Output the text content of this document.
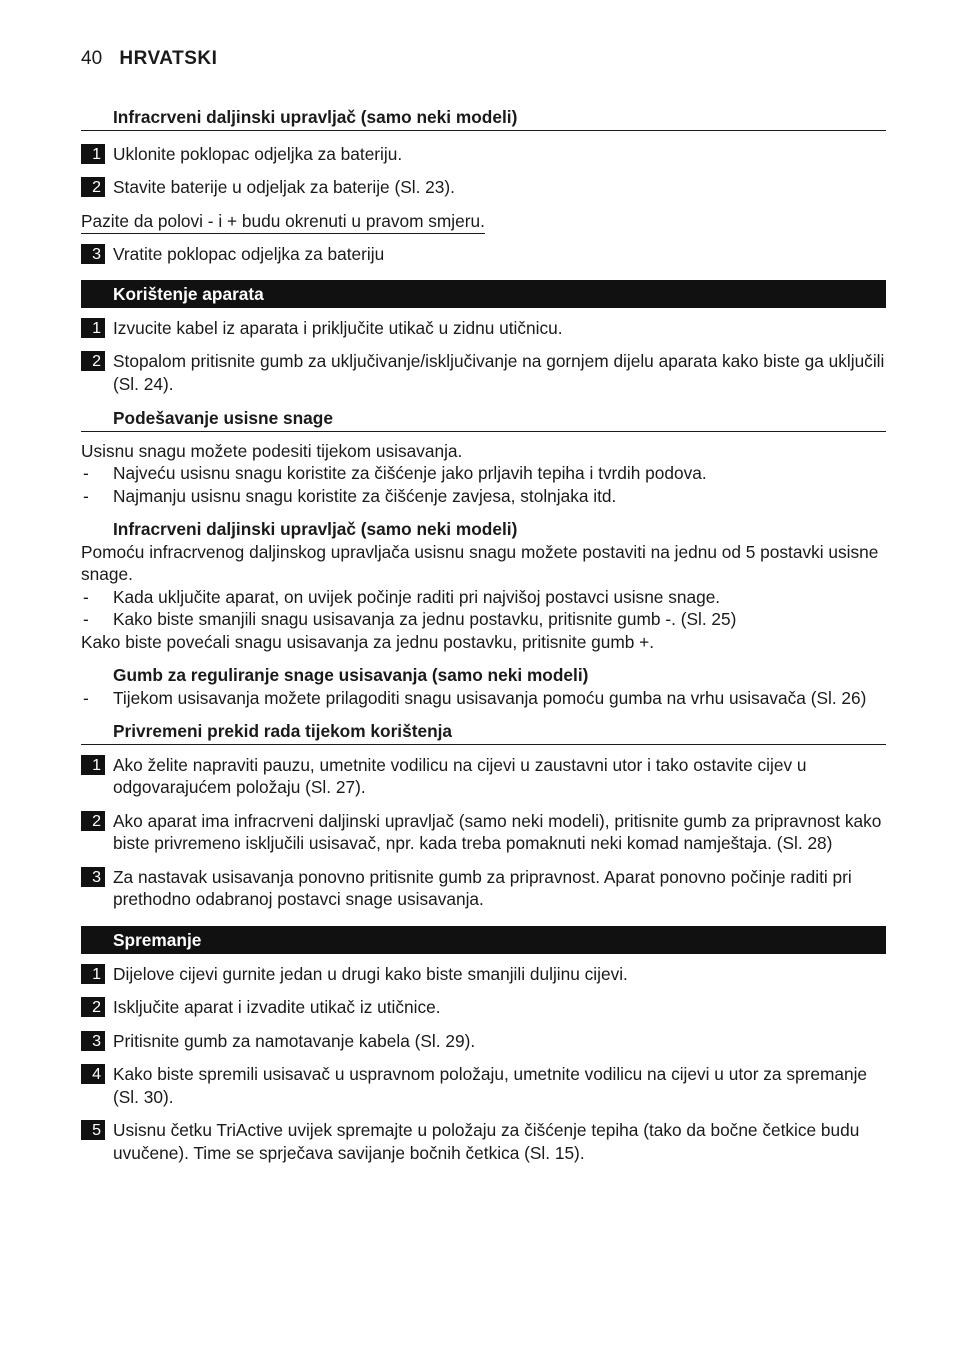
40 HRVATSKI
Infracrveni daljinski upravljač (samo neki modeli)
1 Uklonite poklopac odjeljka za bateriju.
2 Stavite baterije u odjeljak za baterije (Sl. 23).
Pazite da polovi - i + budu okrenuti u pravom smjeru.
3 Vratite poklopac odjeljka za bateriju
Korištenje aparata
1 Izvucite kabel iz aparata i priključite utikač u zidnu utičnicu.
2 Stopalom pritisnite gumb za uključivanje/isključivanje na gornjem dijelu aparata kako biste ga uključili (Sl. 24).
Podešavanje usisne snage
Usisnu snagu možete podesiti tijekom usisavanja.
-	Najveću usisnu snagu koristite za čišćenje jako prljavih tepiha i tvrdih podova.
-	Najmanju usisnu snagu koristite za čišćenje zavjesa, stolnjaka itd.
Infracrveni daljinski upravljač (samo neki modeli)
Pomoću infracrvenog daljinskog upravljača usisnu snagu možete postaviti na jednu od 5 postavki usisne snage.
-	Kada uključite aparat, on uvijek počinje raditi pri najvišoj postavci usisne snage.
-	Kako biste smanjili snagu usisavanja za jednu postavku, pritisnite gumb -. (Sl. 25)
Kako biste povećali snagu usisavanja za jednu postavku, pritisnite gumb +.
Gumb za reguliranje snage usisavanja (samo neki modeli)
-	Tijekom usisavanja možete prilagoditi snagu usisavanja pomoću gumba na vrhu usisavača (Sl. 26)
Privremeni prekid rada tijekom korištenja
1 Ako želite napraviti pauzu, umetnite vodilicu na cijevi u zaustavni utor i tako ostavite cijev u odgovarajućem položaju (Sl. 27).
2 Ako aparat ima infracrveni daljinski upravljač (samo neki modeli), pritisnite gumb za pripravnost kako biste privremeno isključili usisavač, npr. kada treba pomaknuti neki komad namještaja. (Sl. 28)
3 Za nastavak usisavanja ponovno pritisnite gumb za pripravnost. Aparat ponovno počinje raditi pri prethodno odabranoj postavci snage usisavanja.
Spremanje
1 Dijelove cijevi gurnite jedan u drugi kako biste smanjili duljinu cijevi.
2 Isključite aparat i izvadite utikač iz utičnice.
3 Pritisnite gumb za namotavanje kabela (Sl. 29).
4 Kako biste spremili usisavač u uspravnom položaju, umetnite vodilicu na cijevi u utor za spremanje (Sl. 30).
5 Usisnu četku TriActive uvijek spremajte u položaju za čišćenje tepiha (tako da bočne četkice budu uvučene). Time se sprječava savijanje bočnih četkica (Sl. 15).
